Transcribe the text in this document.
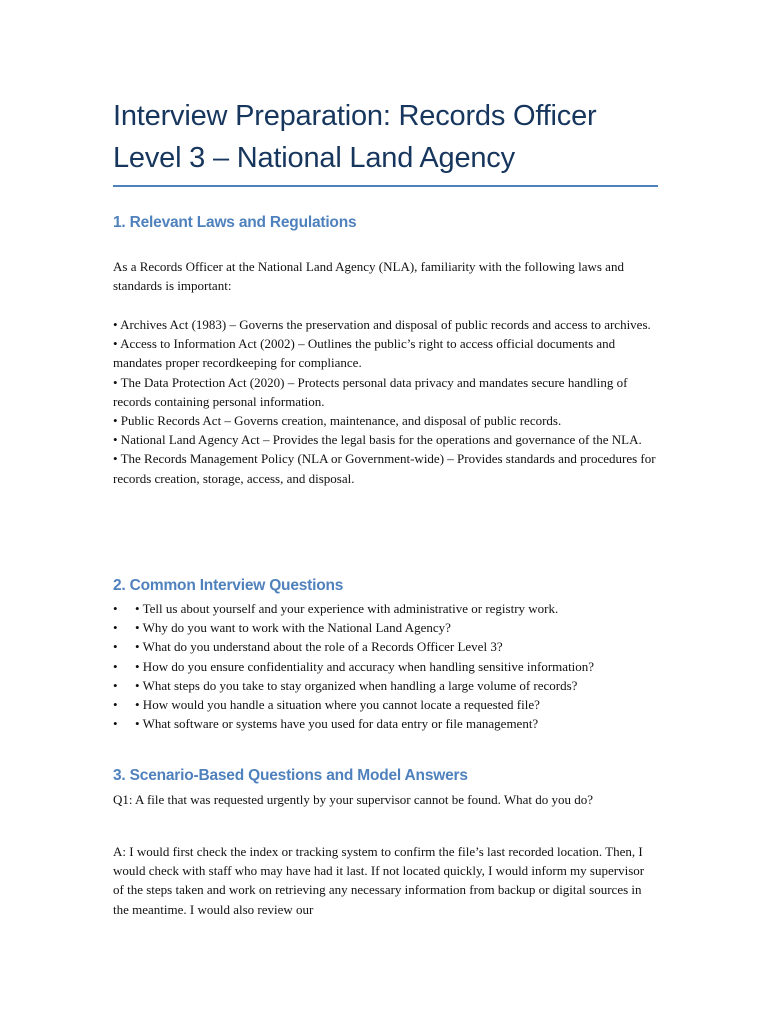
Interview Preparation: Records Officer Level 3 – National Land Agency
1. Relevant Laws and Regulations

As a Records Officer at the National Land Agency (NLA), familiarity with the following laws and standards is important:

• Archives Act (1983) – Governs the preservation and disposal of public records and access to archives.

• Access to Information Act (2002) – Outlines the public’s right to access official documents and mandates proper recordkeeping for compliance.

• The Data Protection Act (2020) – Protects personal data privacy and mandates secure handling of records containing personal information.

• Public Records Act – Governs creation, maintenance, and disposal of public records.

• National Land Agency Act – Provides the legal basis for the operations and governance of the NLA.

• The Records Management Policy (NLA or Government-wide) – Provides standards and procedures for records creation, storage, access, and disposal.

2. Common Interview Questions
•	• Tell us about yourself and your experience with administrative or registry work.
•	• Why do you want to work with the National Land Agency?
•	• What do you understand about the role of a Records Officer Level 3?
•	• How do you ensure confidentiality and accuracy when handling sensitive information?
•	• What steps do you take to stay organized when handling a large volume of records?
•	• How would you handle a situation where you cannot locate a requested file?
•	• What software or systems have you used for data entry or file management?
3. Scenario-Based Questions and Model Answers

Q1: A file that was requested urgently by your supervisor cannot be found. What do you do?

A: I would first check the index or tracking system to confirm the file’s last recorded location. Then, I would check with staff who may have had it last. If not located quickly, I would inform my supervisor of the steps taken and work on retrieving any necessary information from backup or digital sources in the meantime. I would also review our
